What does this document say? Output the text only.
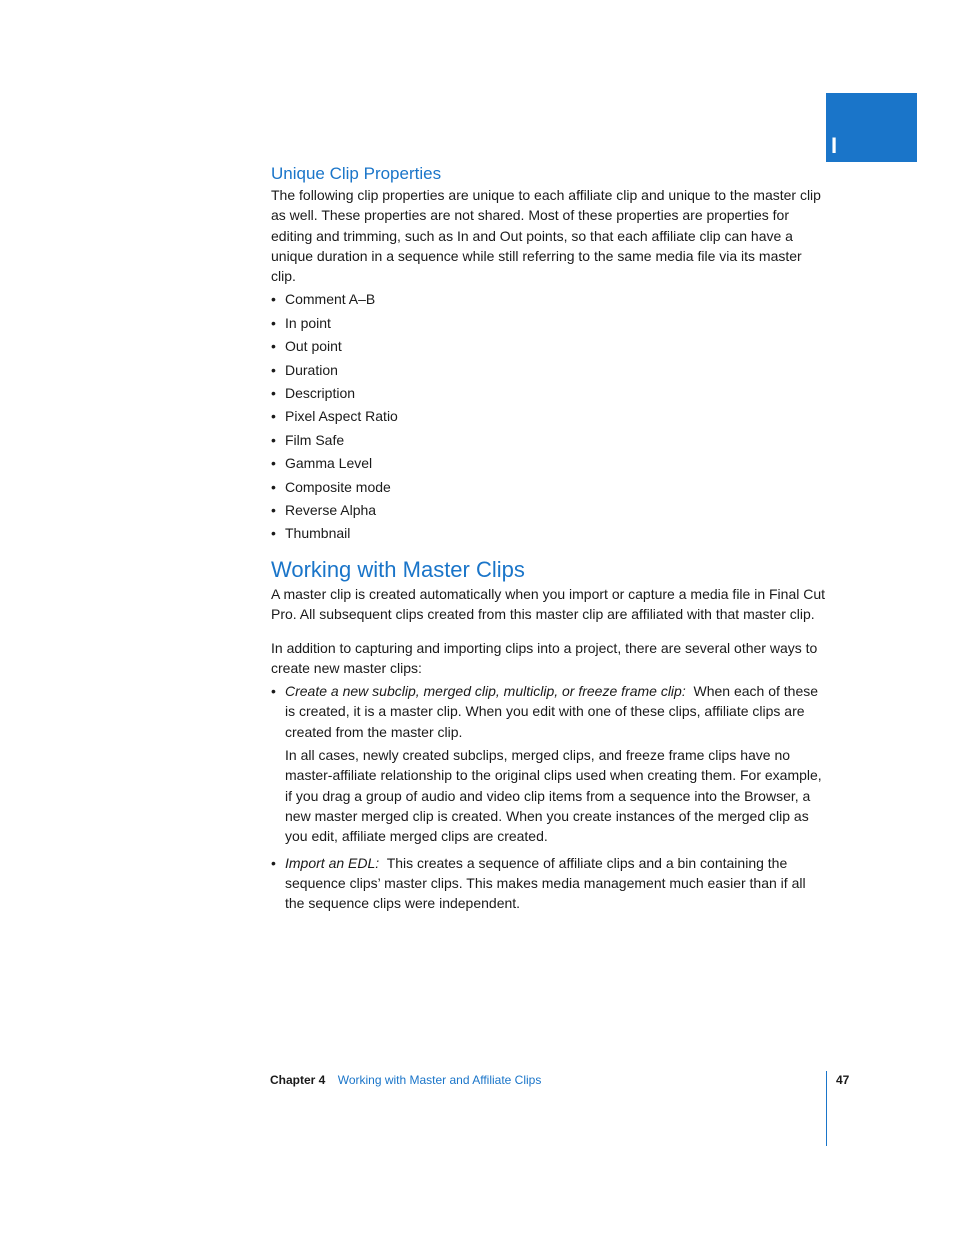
I
Unique Clip Properties

The following clip properties are unique to each affiliate clip and unique to the master clip as well. These properties are not shared. Most of these properties are properties for editing and trimming, such as In and Out points, so that each affiliate clip can have a unique duration in a sequence while still referring to the same media file via its master clip.

• Comment A–B
• In point
• Out point
• Duration
• Description
• Pixel Aspect Ratio
• Film Safe
• Gamma Level
• Composite mode
• Reverse Alpha
• Thumbnail
Working with Master Clips

A master clip is created automatically when you import or capture a media file in Final Cut Pro. All subsequent clips created from this master clip are affiliated with that master clip.

In addition to capturing and importing clips into a project, there are several other ways to create new master clips:

• Create a new subclip, merged clip, multiclip, or freeze frame clip: When each of these is created, it is a master clip. When you edit with one of these clips, affiliate clips are created from the master clip.

In all cases, newly created subclips, merged clips, and freeze frame clips have no master-affiliate relationship to the original clips used when creating them. For example, if you drag a group of audio and video clip items from a sequence into the Browser, a new master merged clip is created. When you create instances of the merged clip as you edit, affiliate merged clips are created.

• Import an EDL: This creates a sequence of affiliate clips and a bin containing the sequence clips’ master clips. This makes media management much easier than if all the sequence clips were independent.
Chapter 4 Working with Master and Affiliate Clips	47
